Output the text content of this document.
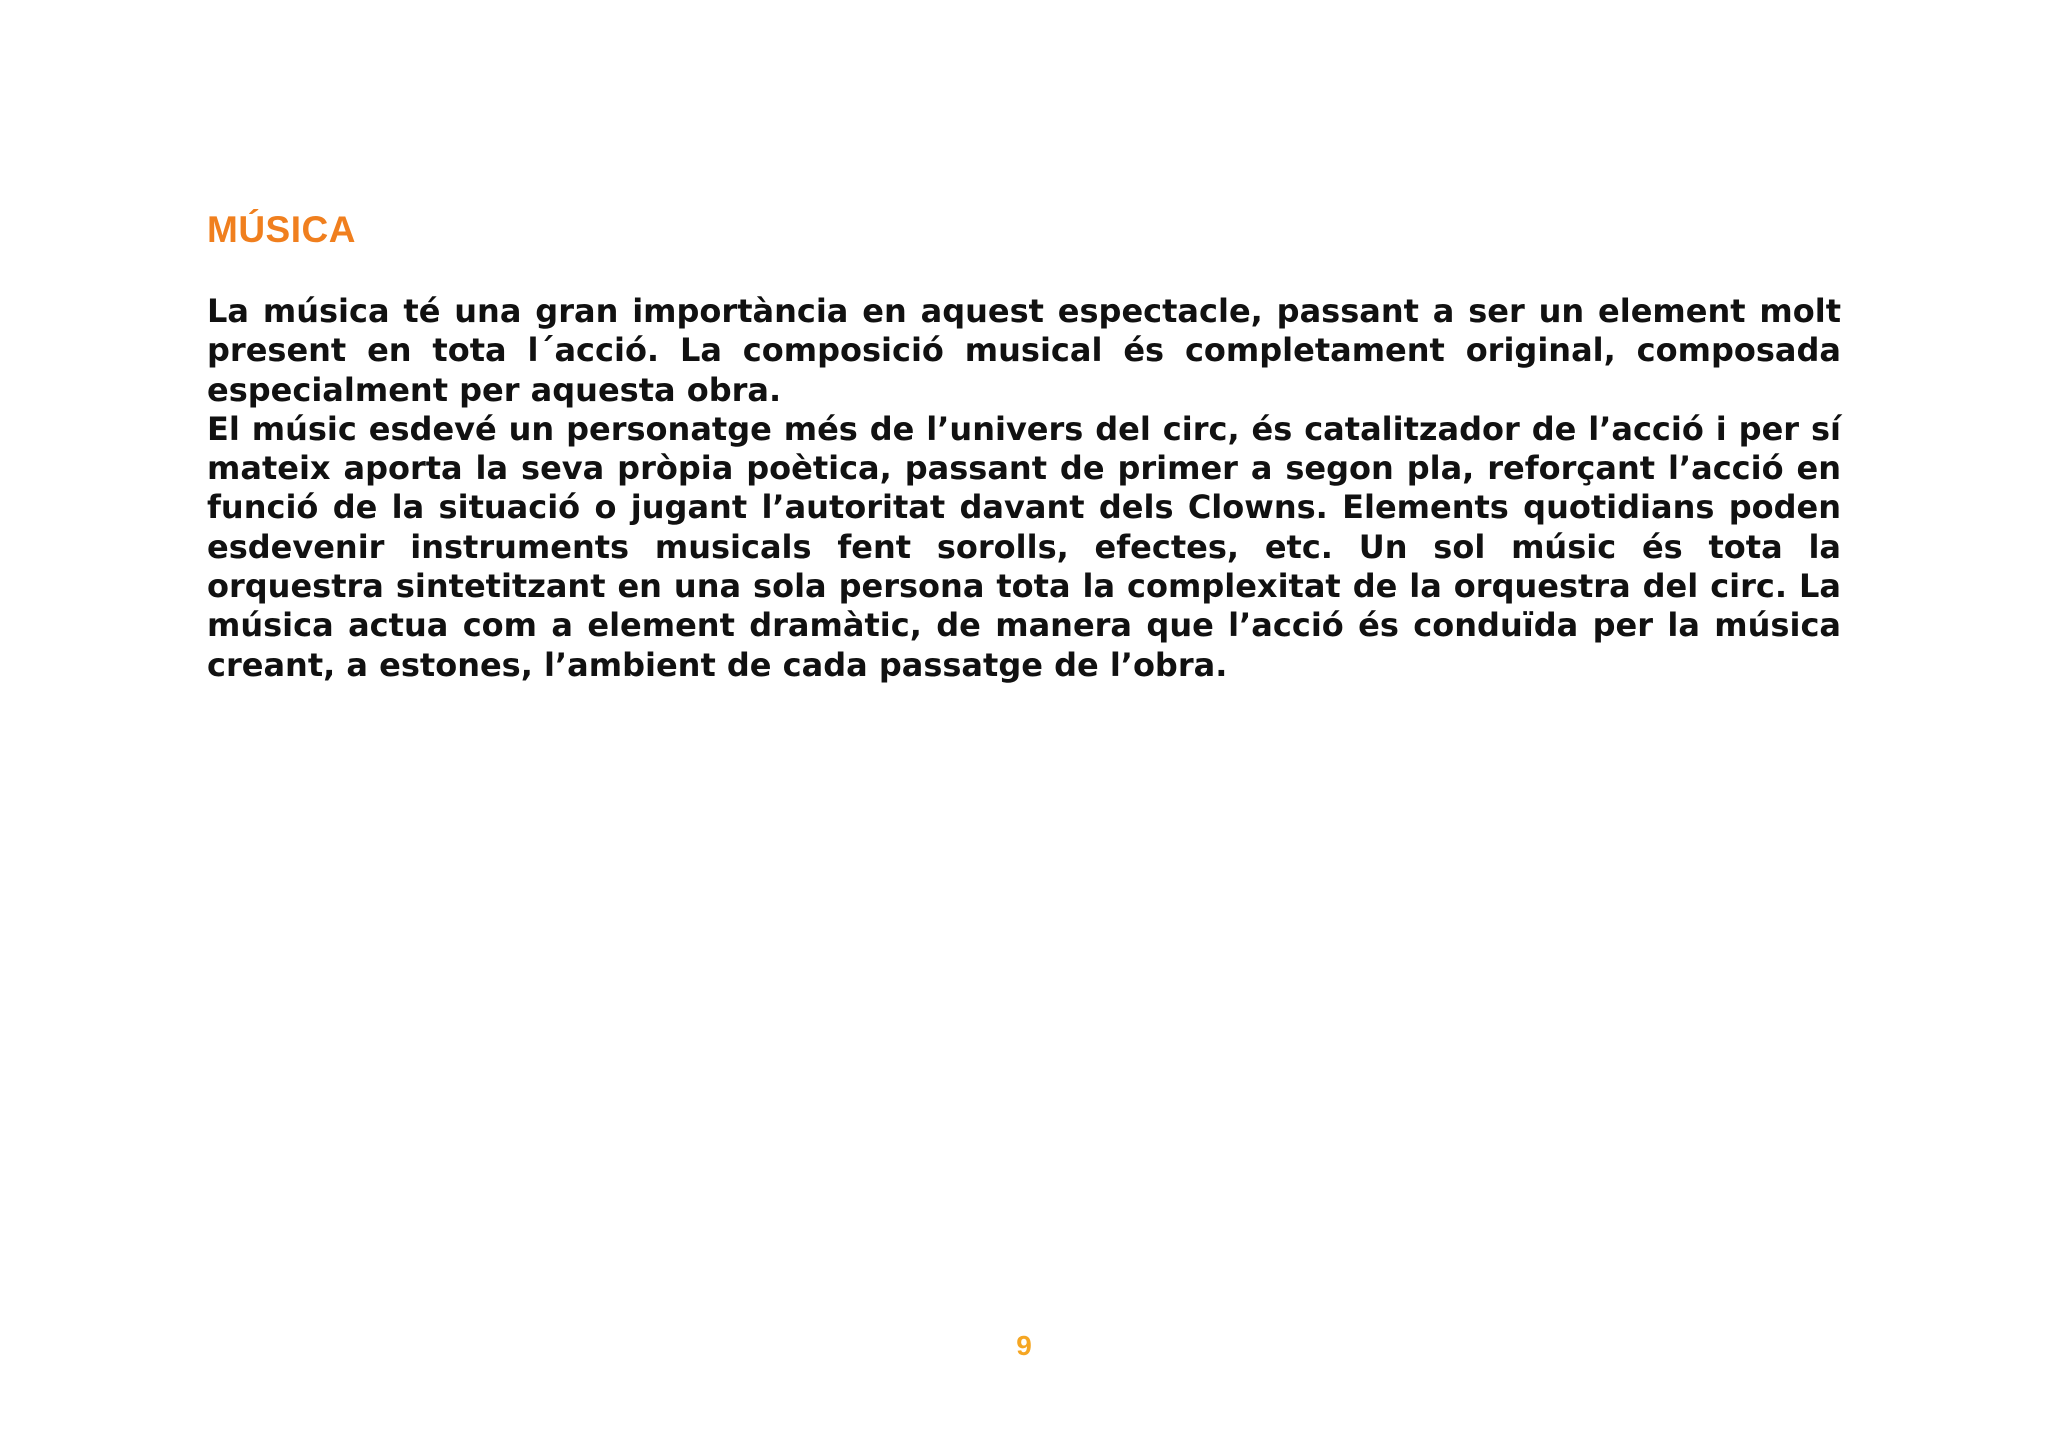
MÚSICA

La música té una gran importància en aquest espectacle, passant a ser un element molt present en tota l´acció. La composició musical és completament original, composada especialment per aquesta obra.

El músic esdevé un personatge més de l’univers del circ, és catalitzador de l’acció i per sí mateix aporta la seva pròpia poètica, passant de primer a segon pla, reforçant l’acció en funció de la situació o jugant l’autoritat davant dels Clowns. Elements quotidians poden esdevenir instruments musicals fent sorolls, efectes, etc. Un sol músic és tota la orquestra sintetitzant en una sola persona tota la complexitat de la orquestra del circ. La música actua com a element dramàtic, de manera que l’acció és conduïda per la música creant, a estones, l’ambient de cada passatge de l’obra.

9
